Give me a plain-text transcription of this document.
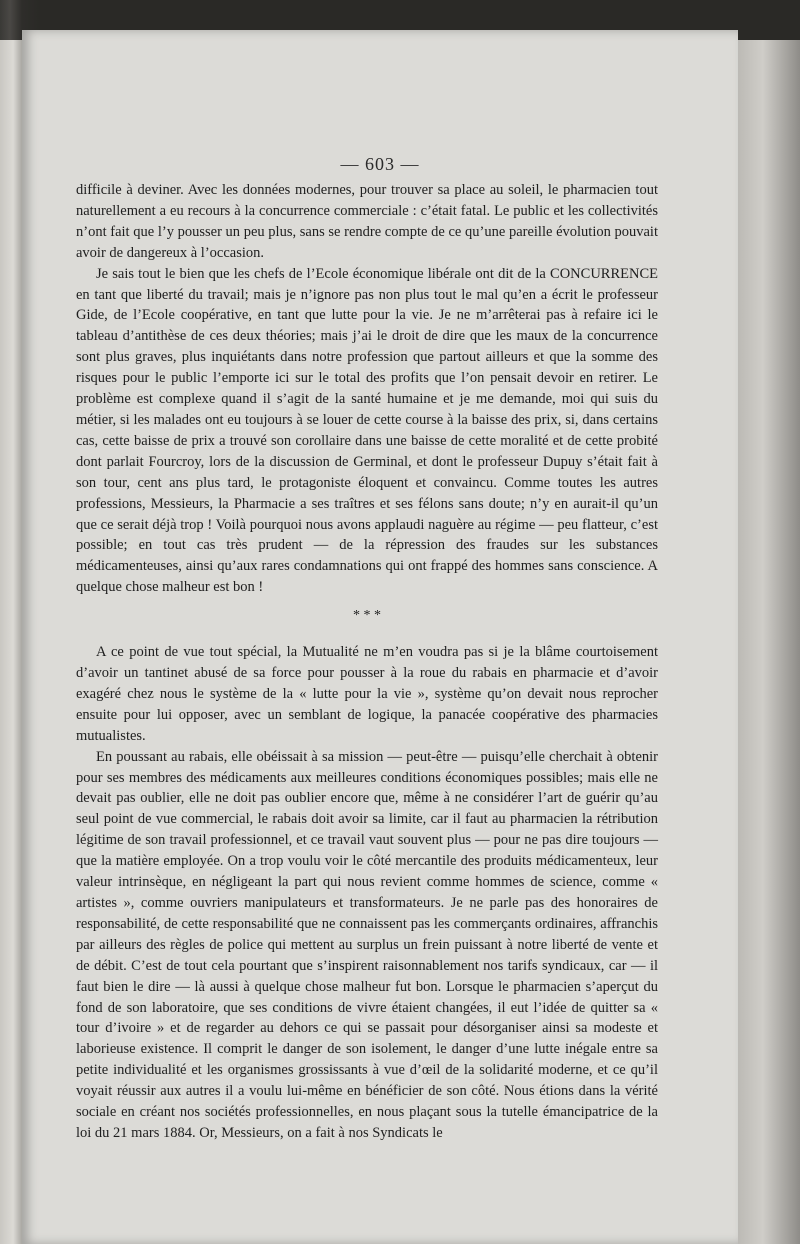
— 603 —

difficile à deviner. Avec les données modernes, pour trouver sa place au soleil, le pharmacien tout naturellement a eu recours à la concurrence commerciale : c’était fatal. Le public et les collectivités n’ont fait que l’y pousser un peu plus, sans se rendre compte de ce qu’une pareille évolution pouvait avoir de dangereux à l’occasion.

Je sais tout le bien que les chefs de l’Ecole économique libérale ont dit de la CONCURRENCE en tant que liberté du travail; mais je n’ignore pas non plus tout le mal qu’en a écrit le professeur Gide, de l’Ecole coopérative, en tant que lutte pour la vie. Je ne m’arrêterai pas à refaire ici le tableau d’antithèse de ces deux théories; mais j’ai le droit de dire que les maux de la concurrence sont plus graves, plus inquiétants dans notre profession que partout ailleurs et que la somme des risques pour le public l’emporte ici sur le total des profits que l’on pensait devoir en retirer. Le problème est complexe quand il s’agit de la santé humaine et je me demande, moi qui suis du métier, si les malades ont eu toujours à se louer de cette course à la baisse des prix, si, dans certains cas, cette baisse de prix a trouvé son corollaire dans une baisse de cette moralité et de cette probité dont parlait Fourcroy, lors de la discussion de Germinal, et dont le professeur Dupuy s’était fait à son tour, cent ans plus tard, le protagoniste éloquent et convaincu. Comme toutes les autres professions, Messieurs, la Pharmacie a ses traîtres et ses félons sans doute; n’y en aurait-il qu’un que ce serait déjà trop ! Voilà pourquoi nous avons applaudi naguère au régime — peu flatteur, c’est possible; en tout cas très prudent — de la répression des fraudes sur les substances médicamenteuses, ainsi qu’aux rares condamnations qui ont frappé des hommes sans conscience. A quelque chose malheur est bon !

* * *

A ce point de vue tout spécial, la Mutualité ne m’en voudra pas si je la blâme courtoisement d’avoir un tantinet abusé de sa force pour pousser à la roue du rabais en pharmacie et d’avoir exagéré chez nous le système de la « lutte pour la vie », système qu’on devait nous reprocher ensuite pour lui opposer, avec un semblant de logique, la panacée coopérative des pharmacies mutualistes.

En poussant au rabais, elle obéissait à sa mission — peut-être — puisqu’elle cherchait à obtenir pour ses membres des médicaments aux meilleures conditions économiques possibles; mais elle ne devait pas oublier, elle ne doit pas oublier encore que, même à ne considérer l’art de guérir qu’au seul point de vue commercial, le rabais doit avoir sa limite, car il faut au pharmacien la rétribution légitime de son travail professionnel, et ce travail vaut souvent plus — pour ne pas dire toujours — que la matière employée. On a trop voulu voir le côté mercantile des produits médicamenteux, leur valeur intrinsèque, en négligeant la part qui nous revient comme hommes de science, comme « artistes », comme ouvriers manipulateurs et transformateurs. Je ne parle pas des honoraires de responsabilité, de cette responsabilité que ne connaissent pas les commerçants ordinaires, affranchis par ailleurs des règles de police qui mettent au surplus un frein puissant à notre liberté de vente et de débit. C’est de tout cela pourtant que s’inspirent raisonnablement nos tarifs syndicaux, car — il faut bien le dire — là aussi à quelque chose malheur fut bon. Lorsque le pharmacien s’aperçut du fond de son laboratoire, que ses conditions de vivre étaient changées, il eut l’idée de quitter sa « tour d’ivoire » et de regarder au dehors ce qui se passait pour désorganiser ainsi sa modeste et laborieuse existence. Il comprit le danger de son isolement, le danger d’une lutte inégale entre sa petite individualité et les organismes grossissants à vue d’œil de la solidarité moderne, et ce qu’il voyait réussir aux autres il a voulu lui-même en bénéficier de son côté. Nous étions dans la vérité sociale en créant nos sociétés professionnelles, en nous plaçant sous la tutelle émancipatrice de la loi du 21 mars 1884. Or, Messieurs, on a fait à nos Syndicats le
